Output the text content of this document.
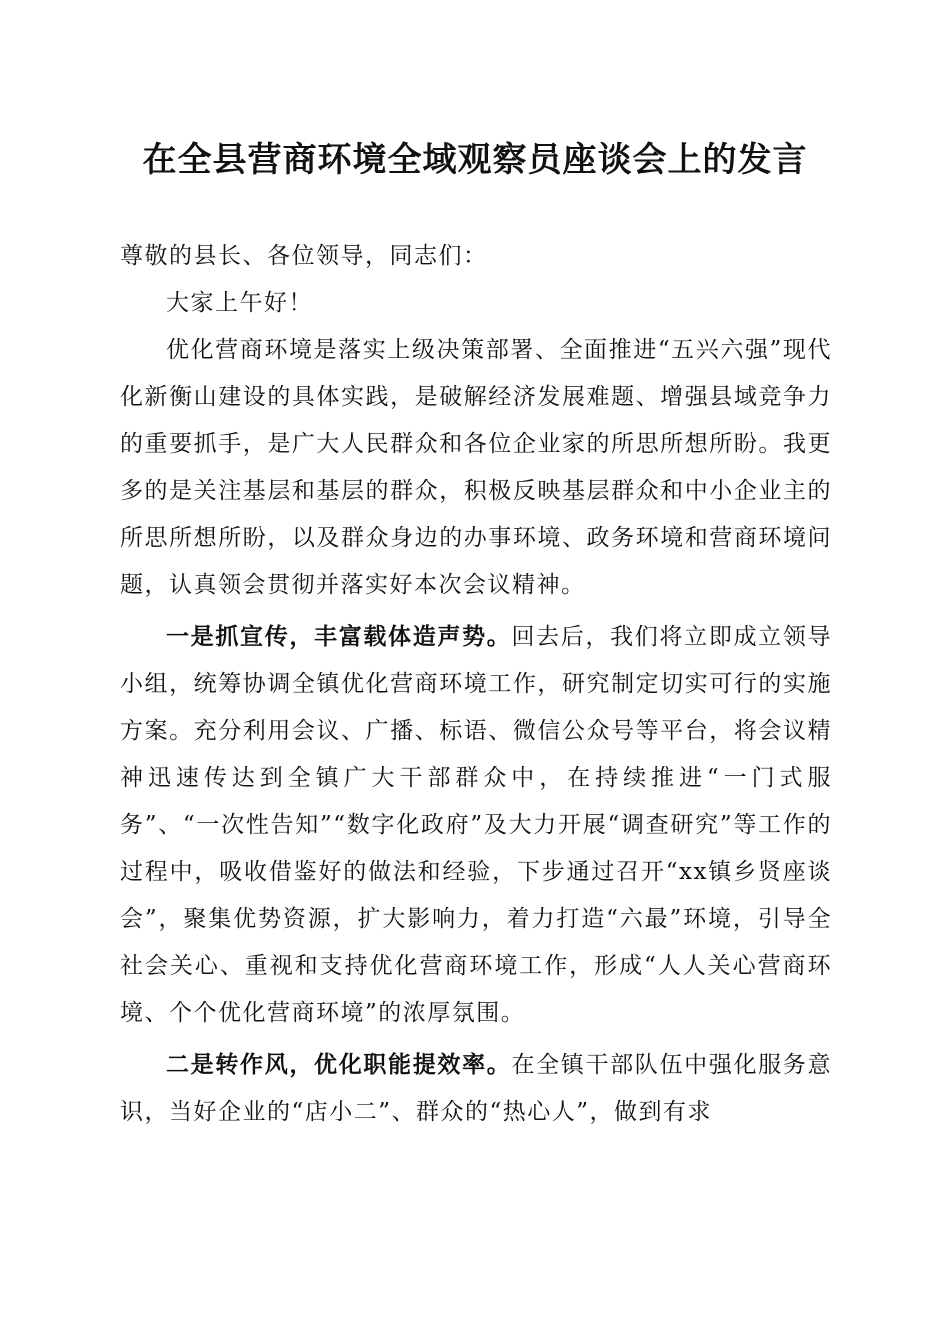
在全县营商环境全域观察员座谈会上的发言

尊敬的县长、各位领导，同志们：

大家上午好！

优化营商环境是落实上级决策部署、全面推进“五兴六强”现代化新衡山建设的具体实践，是破解经济发展难题、增强县域竞争力的重要抓手，是广大人民群众和各位企业家的所思所想所盼。我更多的是关注基层和基层的群众，积极反映基层群众和中小企业主的所思所想所盼，以及群众身边的办事环境、政务环境和营商环境问题，认真领会贯彻并落实好本次会议精神。

一是抓宣传，丰富载体造声势。回去后，我们将立即成立领导小组，统筹协调全镇优化营商环境工作，研究制定切实可行的实施方案。充分利用会议、广播、标语、微信公众号等平台，将会议精神迅速传达到全镇广大干部群众中，在持续推进“一门式服务”、“一次性告知”“数字化政府”及大力开展“调查研究”等工作的过程中，吸收借鉴好的做法和经验，下步通过召开“xx镇乡贤座谈会”，聚集优势资源，扩大影响力，着力打造“六最”环境，引导全社会关心、重视和支持优化营商环境工作，形成“人人关心营商环境、个个优化营商环境”的浓厚氛围。

二是转作风，优化职能提效率。在全镇干部队伍中强化服务意识，当好企业的“店小二”、群众的“热心人”，做到有求
